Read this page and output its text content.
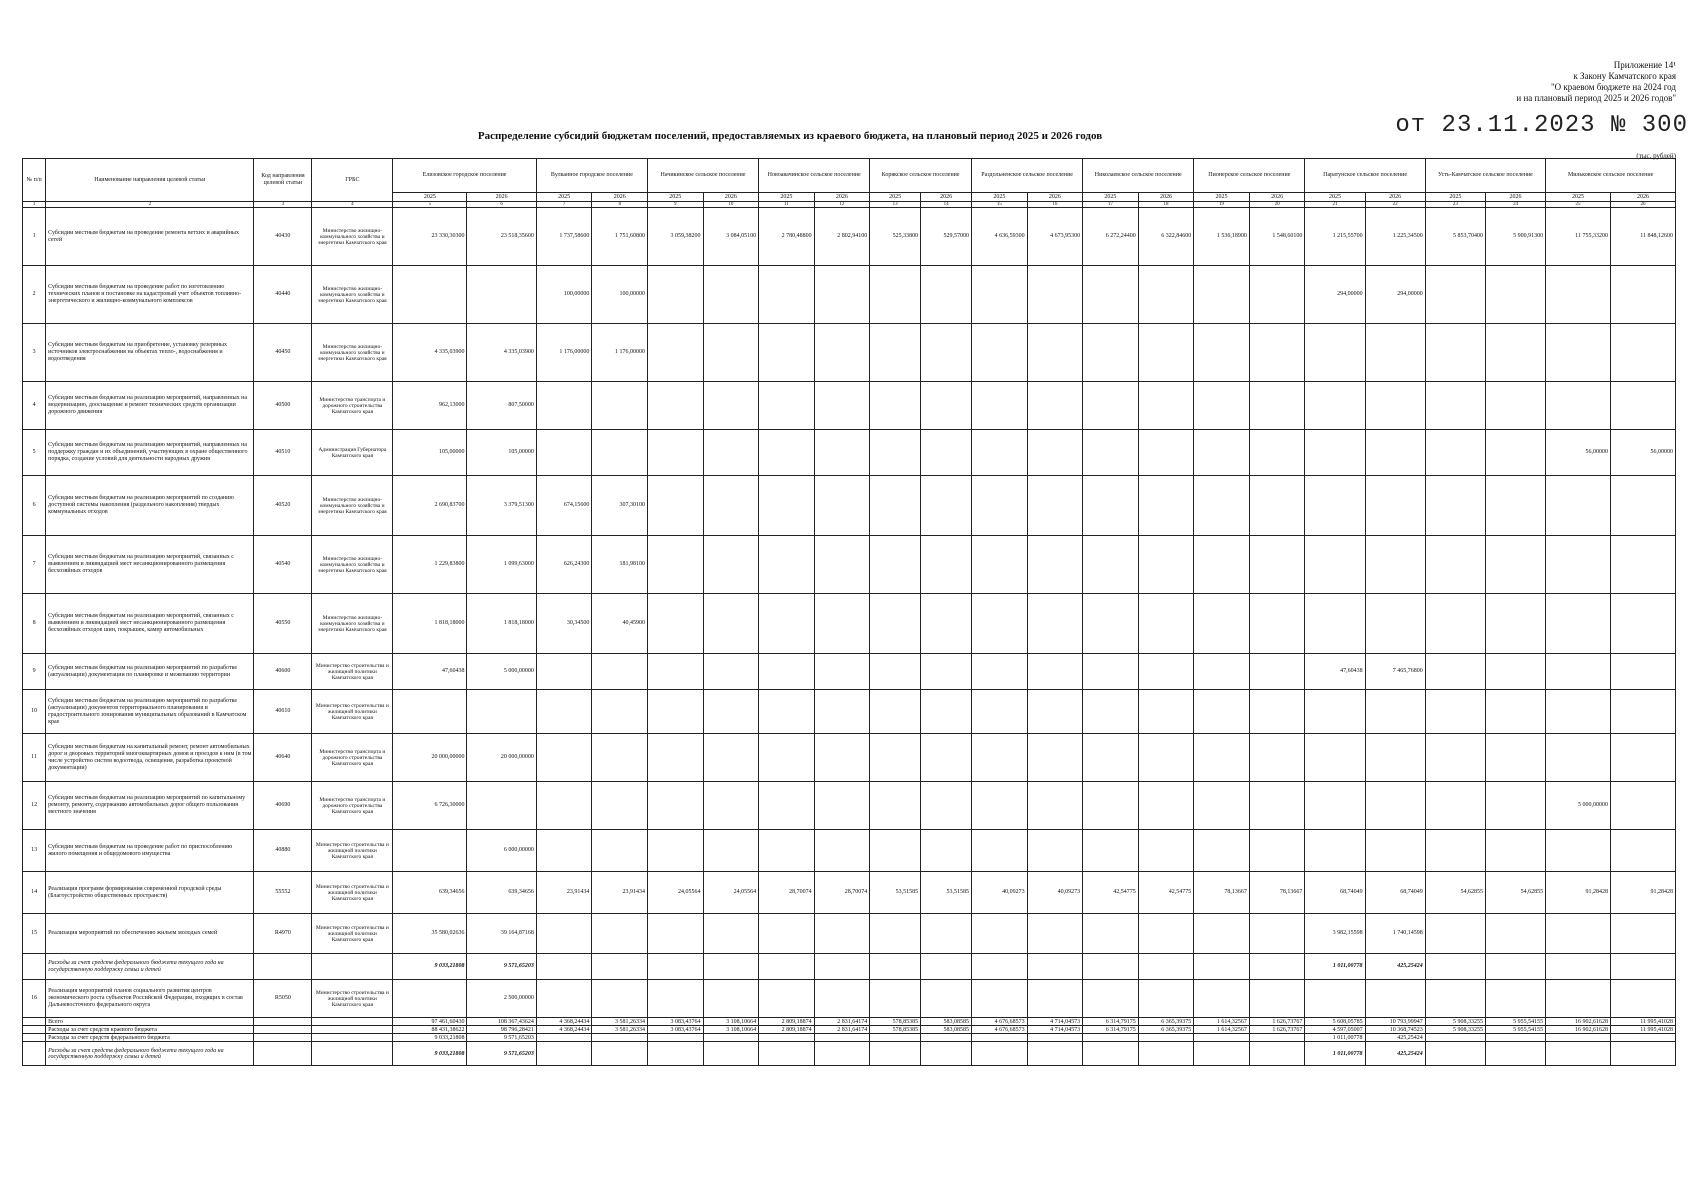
Приложение 14¹
к Закону Камчатского края
"О краевом бюджете на 2024 год
и на плановый период 2025 и 2026 годов"
от 23.11.2023 № 300
Распределение субсидий бюджетам поселений, предоставляемых из краевого бюджета, на плановый период 2025 и 2026 годов
(тыс. рублей)
№ п/п	Наименование направления целевой статьи	Код направления целевой статьи	ГРБС	Елизовское городское поселение		Вулканное городское поселение		Начикинское сельское поселение		Новоавачинское сельское поселение		Корякское сельское поселение		Раздольненское сельское поселение		Николаевское сельское поселение		Пионерское сельское поселение		Паратунское сельское поселение		Усть-Камчатское сельское поселение		Мильковское сельское поселение	
				2025	2026	2025	2026	2025	2026	2025	2026	2025	2026	2025	2026	2025	2026	2025	2026	2025	2026	2025	2026	2025	2026
1	2	3	4	5	6	7	8	9	10	11	12	13	14	15	16	17	18	19	20	21	22	23	24	25	26
1	Субсидии местным бюджетам на проведение ремонта ветхих и аварийных сетей	40430	Министерство жилищно-коммунального хозяйства и энергетики Камчатского края	23 330,30300	23 518,35600	1 737,58600	1 751,60800	3 059,38200	3 084,05100	2 780,48800	2 802,94100	525,33800	529,57000	4 636,59300	4 673,95300	6 272,24400	6 322,84600	1 536,18900	1 548,60100	1 215,55700	1 225,34500	5 853,70400	5 900,91300	11 755,33200	11 848,12600
2	Субсидии местным бюджетам на проведение работ по изготовлению технических планов и постановке на кадастровый учет объектов топливно-энергетического и жилищно-коммунального комплексов	40440	Министерство жилищно-коммунального хозяйства и энергетики Камчатского края			100,00000	100,00000													294,00000	294,00000				
3	Субсидии местным бюджетам на приобретение, установку резервных источников электроснабжения на объектах тепло-, водоснабжения и водоотведения	40450	Министерство жилищно-коммунального хозяйства и энергетики Камчатского края	4 335,03900	4 335,03900	1 176,00000	1 176,00000																		
4	Субсидии местным бюджетам на реализацию мероприятий, направленных на модернизацию, дооснащение и ремонт технических средств организации дорожного движения	40500	Министерство транспорта и дорожного строительства Камчатского края	962,13000	807,50000																				
5	Субсидии местным бюджетам на реализацию мероприятий, направленных на поддержку граждан и их объединений, участвующих в охране общественного порядка, создание условий для деятельности народных дружин	40510	Администрация Губернатора Камчатского края	105,00000	105,00000																			56,00000	56,00000
6	Субсидии местным бюджетам на реализацию мероприятий по созданию доступной системы накопления (раздельного накопления) твердых коммунальных отходов	40520	Министерство жилищно-коммунального хозяйства и энергетики Камчатского края	2 690,83700	3 379,51300	674,15600	307,30100																		
7	Субсидии местным бюджетам на реализацию мероприятий, связанных с выявлением и ликвидацией мест несанкционированного размещения бесхозяйных отходов	40540	Министерство жилищно-коммунального хозяйства и энергетики Камчатского края	1 229,83800	1 099,63000	626,24300	181,98100																		
8	Субсидии местным бюджетам на реализацию мероприятий, связанных с выявлением и ликвидацией мест несанкционированного размещения бесхозяйных отходов шин, покрышек, камер автомобильных	40550	Министерство жилищно-коммунального хозяйства и энергетики Камчатского края	1 818,18000	1 818,18000	30,34500	40,45900																		
9	Субсидии местным бюджетам на реализацию мероприятий по разработке (актуализации) документации по планировке и межеванию территории	40600	Министерство строительства и жилищной политики Камчатского края	47,60438	5 000,00000															47,60438	7 465,76800				
10	Субсидии местным бюджетам на реализацию мероприятий по разработке (актуализации) документов территориального планирования и градостроительного зонирования муниципальных образований в Камчатском крае	40610	Министерство строительства и жилищной политики Камчатского края																						
11	Субсидии местным бюджетам на капитальный ремонт, ремонт автомобильных дорог и дворовых территорий многоквартирных домов и проездов к ним (в том числе устройство систем водоотвода, освещения, разработка проектной документации)	40640	Министерство транспорта и дорожного строительства Камчатского края	20 000,00000	20 000,00000																				
12	Субсидии местным бюджетам на реализацию мероприятий по капитальному ремонту, ремонту, содержанию автомобильных дорог общего пользования местного значения	40690	Министерство транспорта и дорожного строительства Камчатского края	6 726,30000																				5 000,00000	
13	Субсидии местным бюджетам на проведение работ по приспособлению жилого помещения и общедомового имущества	40880	Министерство строительства и жилищной политики Камчатского края		6 000,00000																				
14	Реализация программ формирования современной городской среды (Благоустройство общественных пространств)	55552	Министерство строительства и жилищной политики Камчатского края	639,34656	639,34656	23,91434	23,91434	24,05564	24,05564	28,70074	28,70074	53,51585	53,51585	40,09273	40,09273	42,54775	42,54775	78,13667	78,13667	68,74049	68,74049	54,62855	54,62855	91,28428	91,28428
15	Реализация мероприятий по обеспечению жильем молодых семей	R4970	Министерство строительства и жилищной политики Камчатского края	35 580,02636	39 164,87168															3 982,15598	1 740,14598				
	Расходы за счет средств федерального бюджета текущего года на государственную поддержку семьи и детей			9 033,21808	9 571,65203															1 011,00778	425,25424				
16	Реализация мероприятий планов социального развития центров экономического роста субъектов Российской Федерации, входящих в состав Дальневосточного федерального округа	R5050	Министерство строительства и жилищной политики Камчатского края		2 500,00000																				
	Всего			97 461,60430	108 367,43624	4 368,24434	3 581,26334	3 083,43764	3 108,10664	2 809,18874	2 831,64174	578,85385	583,08585	4 676,68573	4 714,04573	6 314,79175	6 365,39375	1 614,32567	1 626,73767	5 608,05785	10 793,99947	5 908,33255	5 955,54155	16 902,61628	11 995,41028
	Расходы за счет средств краевого бюджета			88 431,38622	98 796,28421	4 368,24434	3 581,26334	3 083,43764	3 108,10664	2 809,18874	2 831,64174	578,85385	583,08585	4 676,68573	4 714,04573	6 314,79175	6 365,39375	1 614,32567	1 626,73767	4 597,05007	10 368,74523	5 908,33255	5 955,54155	16 902,61628	11 995,41028
	Расходы за счет средств федерального бюджета			9 033,21808	9 571,65203															1 011,00778	425,25424				
	Расходы за счет средств федерального бюджета текущего года на государственную поддержку семьи и детей			9 033,21808	9 571,65203															1 011,00778	425,25424				
